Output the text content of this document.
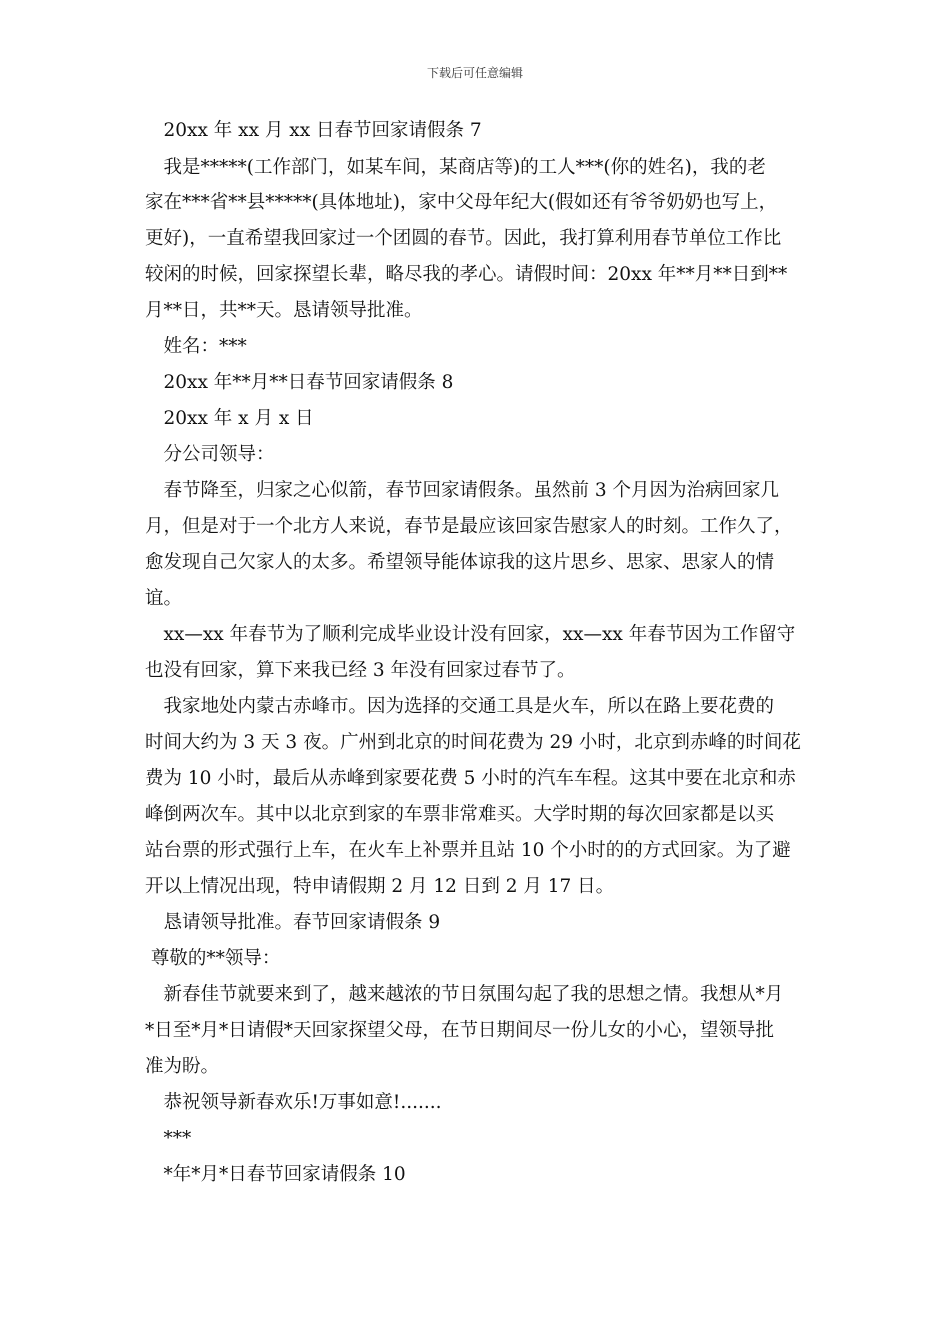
下载后可任意编辑
　20xx 年 xx 月 xx 日春节回家请假条 7
　我是*****(工作部门，如某车间，某商店等)的工人***(你的姓名)，我的老
家在***省**县*****(具体地址)，家中父母年纪大(假如还有爷爷奶奶也写上，
更好)，一直希望我回家过一个团圆的春节。因此，我打算利用春节单位工作比
较闲的时候，回家探望长辈，略尽我的孝心。请假时间：20xx 年**月**日到**
月**日，共**天。恳请领导批准。
　姓名：***
　20xx 年**月**日春节回家请假条 8
　20xx 年 x 月 x 日
　分公司领导：
　春节降至，归家之心似箭，春节回家请假条。虽然前 3 个月因为治病回家几
月，但是对于一个北方人来说，春节是最应该回家告慰家人的时刻。工作久了，
愈发现自己欠家人的太多。希望领导能体谅我的这片思乡、思家、思家人的情
谊。
　xx—xx 年春节为了顺利完成毕业设计没有回家，xx—xx 年春节因为工作留守
也没有回家，算下来我已经 3 年没有回家过春节了。
　我家地处内蒙古赤峰市。因为选择的交通工具是火车，所以在路上要花费的
时间大约为 3 天 3 夜。广州到北京的时间花费为 29 小时，北京到赤峰的时间花
费为 10 小时，最后从赤峰到家要花费 5 小时的汽车车程。这其中要在北京和赤
峰倒两次车。其中以北京到家的车票非常难买。大学时期的每次回家都是以买
站台票的形式强行上车，在火车上补票并且站 10 个小时的的方式回家。为了避
开以上情况出现，特申请假期 2 月 12 日到 2 月 17 日。
　恳请领导批准。春节回家请假条 9
尊敬的**领导：
　新春佳节就要来到了，越来越浓的节日氛围勾起了我的思想之情。我想从*月
*日至*月*日请假*天回家探望父母，在节日期间尽一份儿女的小心，望领导批
准为盼。
　恭祝领导新春欢乐!万事如意!.......
　***
　*年*月*日春节回家请假条 10
